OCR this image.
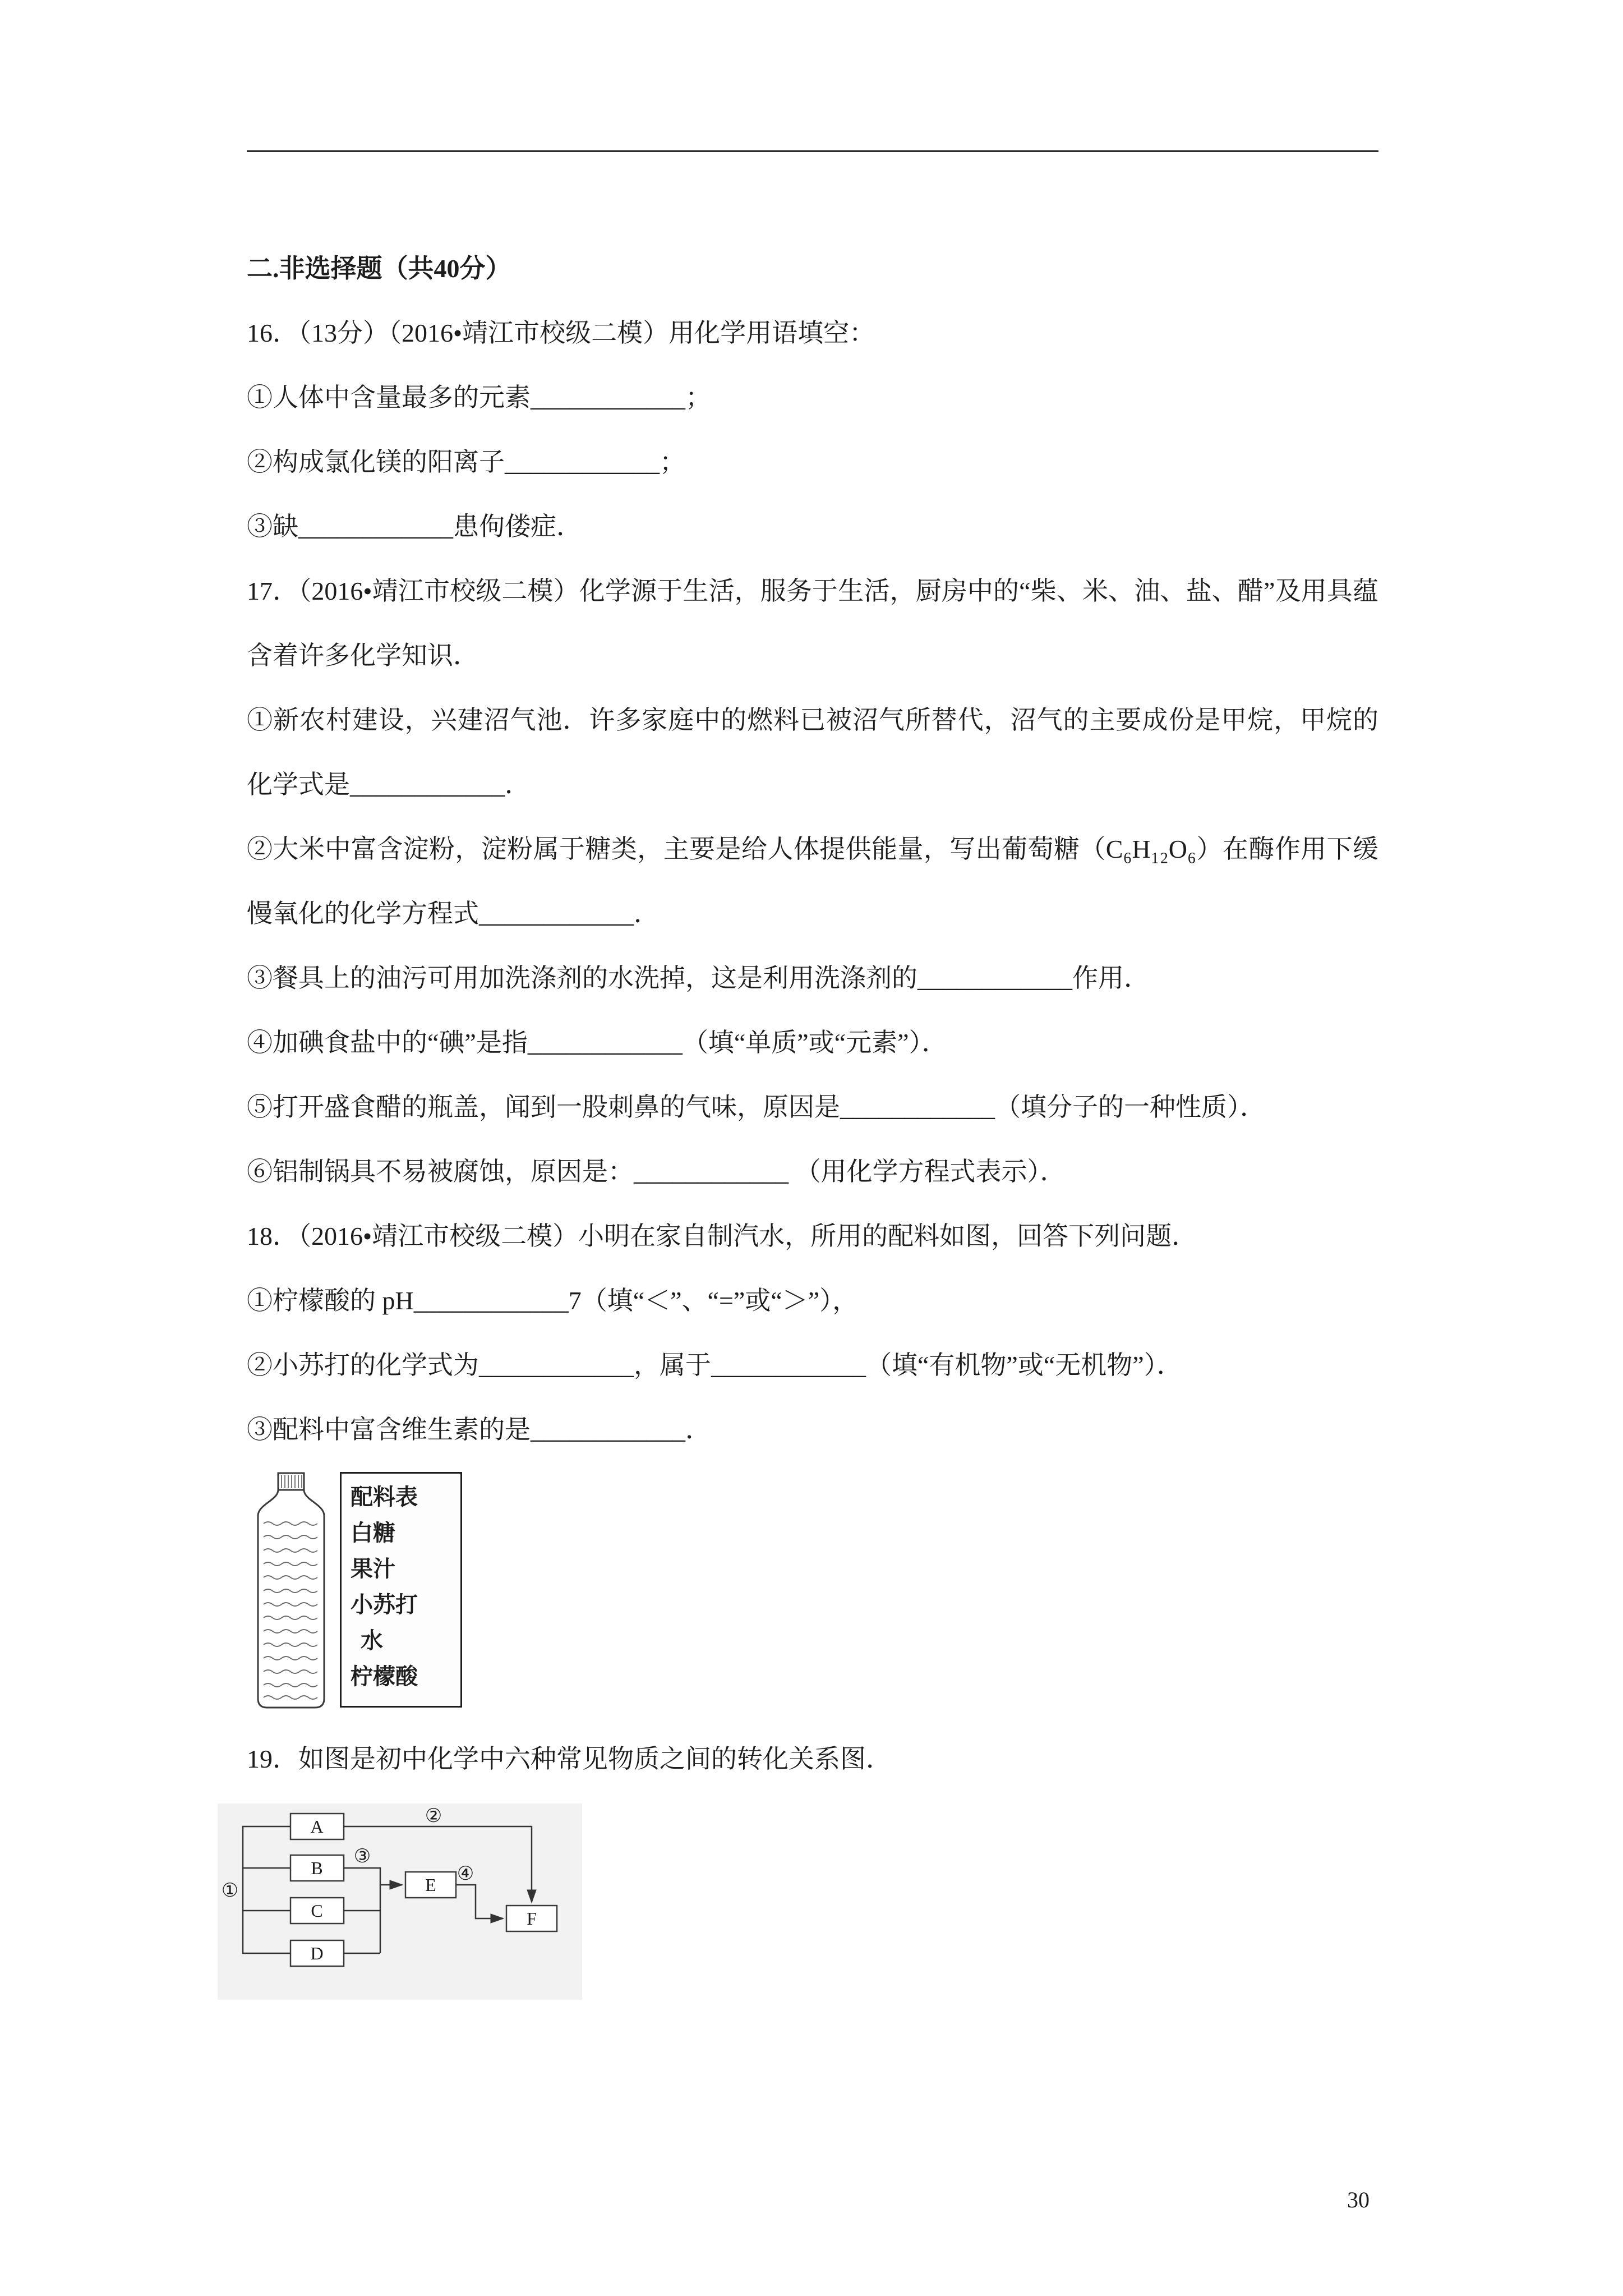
二.非选择题（共40分）

16．（13分）（2016•靖江市校级二模）用化学用语填空：

①人体中含量最多的元素____________；

②构成氯化镁的阳离子____________；

③缺____________患佝偻症．

17．（2016•靖江市校级二模）化学源于生活，服务于生活，厨房中的“柴、米、油、盐、醋”及用具蕴含着许多化学知识．

①新农村建设，兴建沼气池．许多家庭中的燃料已被沼气所替代，沼气的主要成份是甲烷，甲烷的化学式是____________．

②大米中富含淀粉，淀粉属于糖类，主要是给人体提供能量，写出葡萄糖（C₆H₁₂O₆）在酶作用下缓慢氧化的化学方程式____________．

③餐具上的油污可用加洗涤剂的水洗掉，这是利用洗涤剂的____________作用．

④加碘食盐中的“碘”是指____________（填“单质”或“元素”）．

⑤打开盛食醋的瓶盖，闻到一股刺鼻的气味，原因是____________（填分子的一种性质）．

⑥铝制锅具不易被腐蚀，原因是：____________ （用化学方程式表示）．

18．（2016•靖江市校级二模）小明在家自制汽水，所用的配料如图，回答下列问题．

①柠檬酸的 pH____________7（填“＜”、“=”或“＞”），

②小苏打的化学式为____________，属于____________（填“有机物”或“无机物”）．

③配料中富含维生素的是____________．

配料表
白糖
果汁
小苏打
水
柠檬酸

19．如图是初中化学中六种常见物质之间的转化关系图．

A
B
C
D
E
F
①
②
③
④
30
